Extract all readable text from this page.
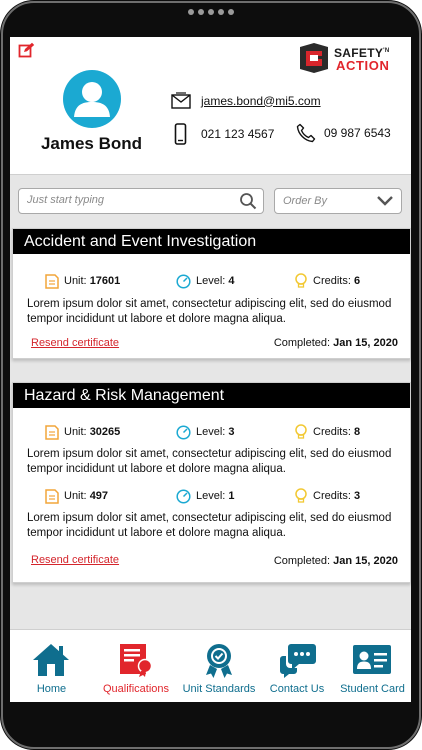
$SAFETY^{'N}$
ACTION
James Bond
james.bond@mi5.com
021 123 4567	09 987 6543
Just start typing
Order By
Accident and Event Investigation
Unit:
17601	Level:
4	Credits:
6
Lorem ipsum dolor sit amet, consectetur adipiscing elit, sed do eiusmod tempor incididunt ut labore et dolore magna aliqua.
Resend certificate	Completed: Jan 15, 2020
Hazard & Risk Management
Unit:
30265	Level:
3	Credits:
8
Lorem ipsum dolor sit amet, consectetur adipiscing elit, sed do eiusmod tempor incididunt ut labore et dolore magna aliqua.
Unit:
497	Level:
1	Credits:
3
Lorem ipsum dolor sit amet, consectetur adipiscing elit, sed do eiusmod tempor incididunt ut labore et dolore magna aliqua.
Resend certificate	Completed: Jan 15, 2020
Home	Qualifications	Unit Standards	Contact Us	Student Card
